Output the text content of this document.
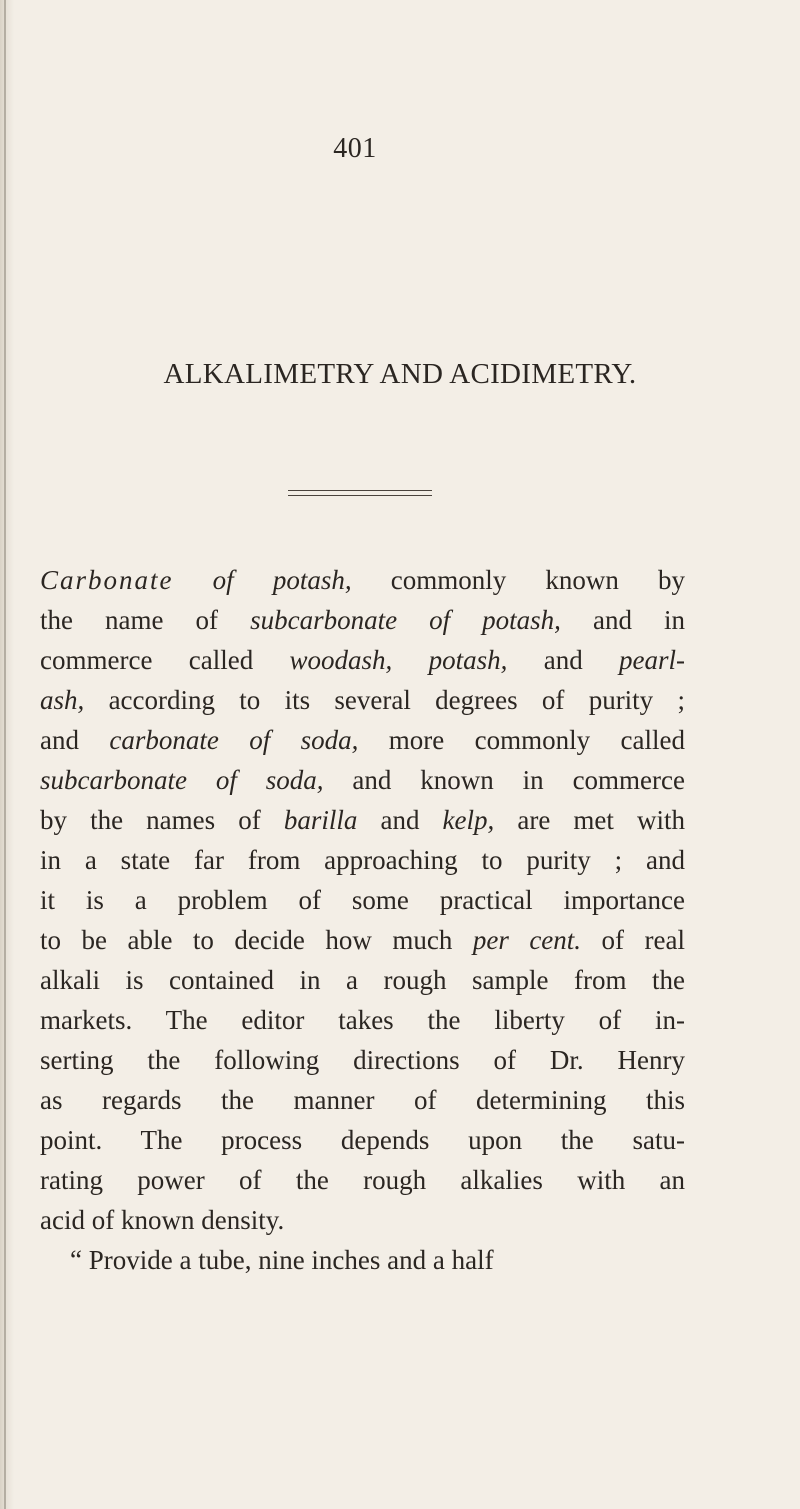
401
ALKALIMETRY AND ACIDIMETRY.
Carbonate of potash, commonly known by
the name of subcarbonate of potash, and in
commerce called woodash, potash, and pearl-
ash, according to its several degrees of purity ;
and carbonate of soda, more commonly called
subcarbonate of soda, and known in commerce
by the names of barilla and kelp, are met with
in a state far from approaching to purity ; and
it is a problem of some practical importance
to be able to decide how much per cent. of real
alkali is contained in a rough sample from the
markets. The editor takes the liberty of in-
serting the following directions of Dr. Henry
as regards the manner of determining this
point. The process depends upon the satu-
rating power of the rough alkalies with an
acid of known density.
“ Provide a tube, nine inches and a half
